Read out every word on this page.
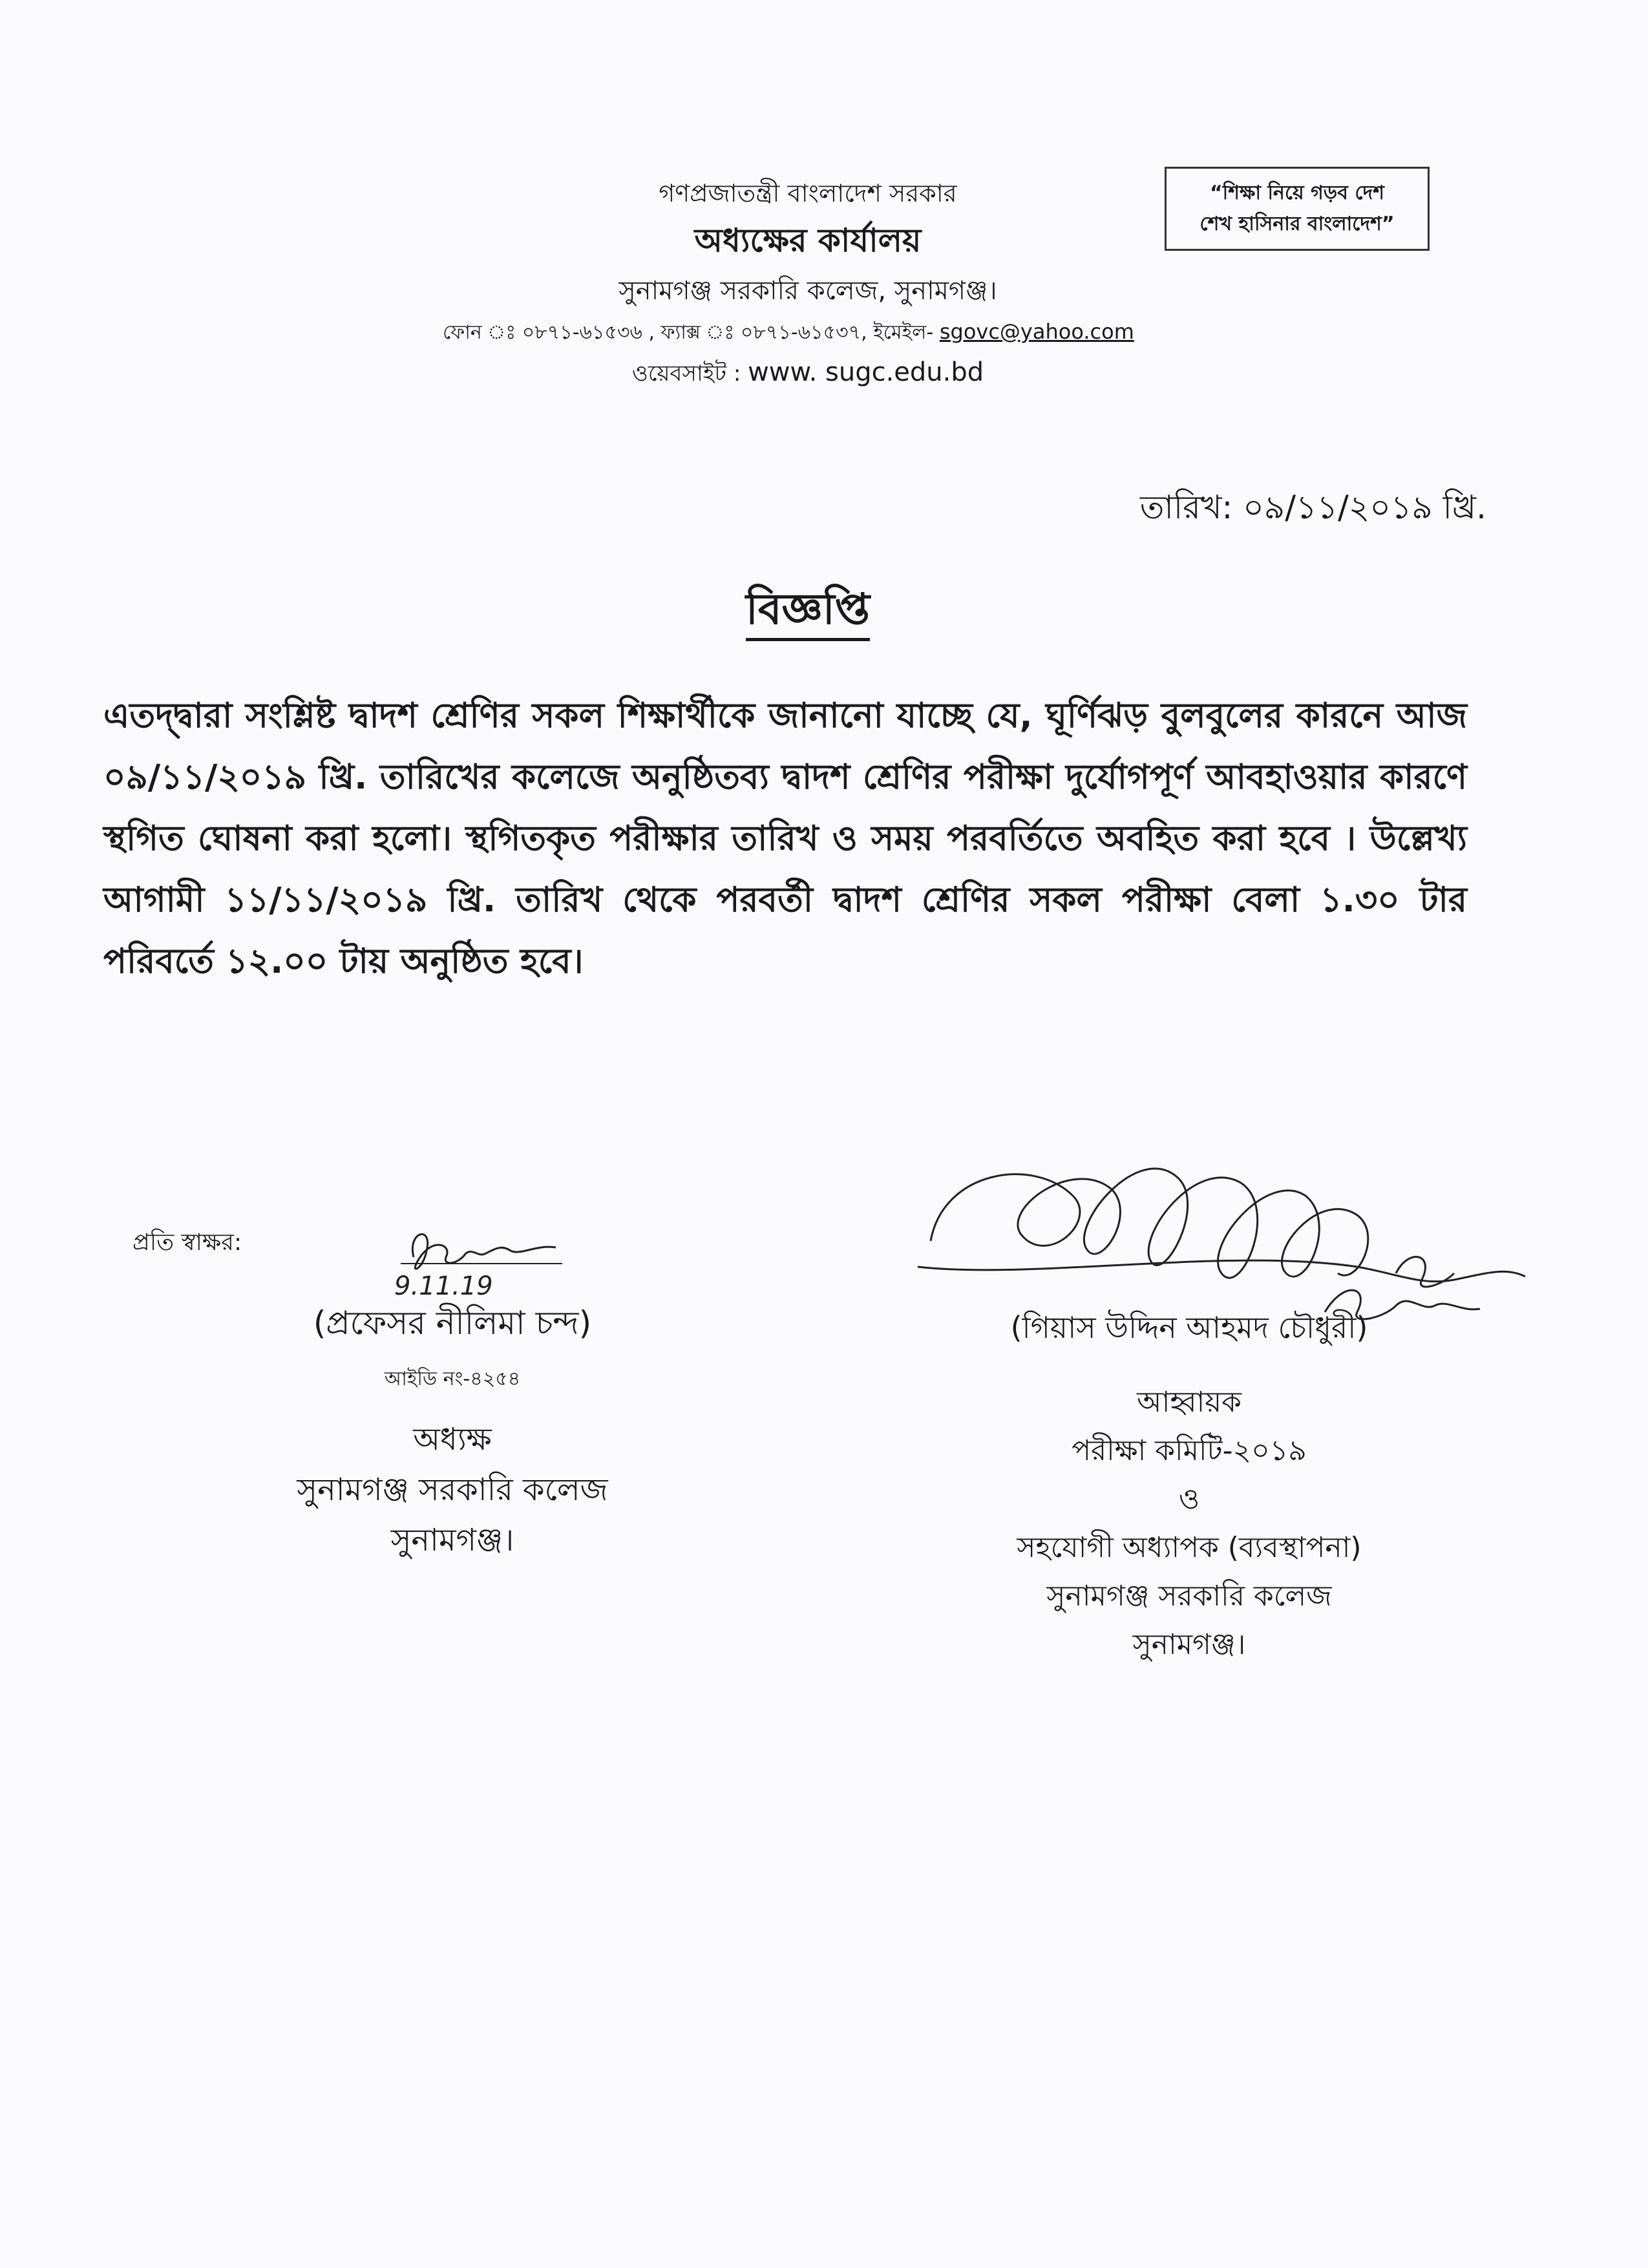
গণপ্রজাতন্ত্রী বাংলাদেশ সরকার
অধ্যক্ষের কার্যালয়
সুনামগঞ্জ সরকারি কলেজ, সুনামগঞ্জ।
ফোন ঃ ০৮৭১-৬১৫৩৬ , ফ্যাক্স ঃ ০৮৭১-৬১৫৩৭, ইমেইল- sgovc@yahoo.com
ওয়েবসাইট : www. sugc.edu.bd
“শিক্ষা নিয়ে গড়ব দেশ
শেখ হাসিনার বাংলাদেশ”
তারিখ: ০৯/১১/২০১৯ খ্রি.
বিজ্ঞপ্তি
এতদ্দ্বারা সংশ্লিষ্ট দ্বাদশ শ্রেণির সকল শিক্ষার্থীকে জানানো যাচ্ছে যে, ঘূর্ণিঝড় বুলবুলের কারনে আজ ০৯/১১/২০১৯ খ্রি. তারিখের কলেজে অনুষ্ঠিতব্য দ্বাদশ শ্রেণির পরীক্ষা দুর্যোগপূর্ণ আবহাওয়ার কারণে স্থগিত ঘোষনা করা হলো। স্থগিতকৃত পরীক্ষার তারিখ ও সময় পরবর্তিতে অবহিত করা হবে । উল্লেখ্য আগামী ১১/১১/২০১৯ খ্রি. তারিখ থেকে পরবর্তী দ্বাদশ শ্রেণির সকল পরীক্ষা বেলা ১.৩০ টার পরিবর্তে ১২.০০ টায় অনুষ্ঠিত হবে।
প্রতি স্বাক্ষর:
9.11.19
(প্রফেসর নীলিমা চন্দ)
আইডি নং-৪২৫৪
অধ্যক্ষ
সুনামগঞ্জ সরকারি কলেজ
সুনামগঞ্জ।
(গিয়াস উদ্দিন আহমদ চৌধুরী)
আহ্বায়ক
পরীক্ষা কমিটি-২০১৯
ও
সহযোগী অধ্যাপক (ব্যবস্থাপনা)
সুনামগঞ্জ সরকারি কলেজ
সুনামগঞ্জ।
